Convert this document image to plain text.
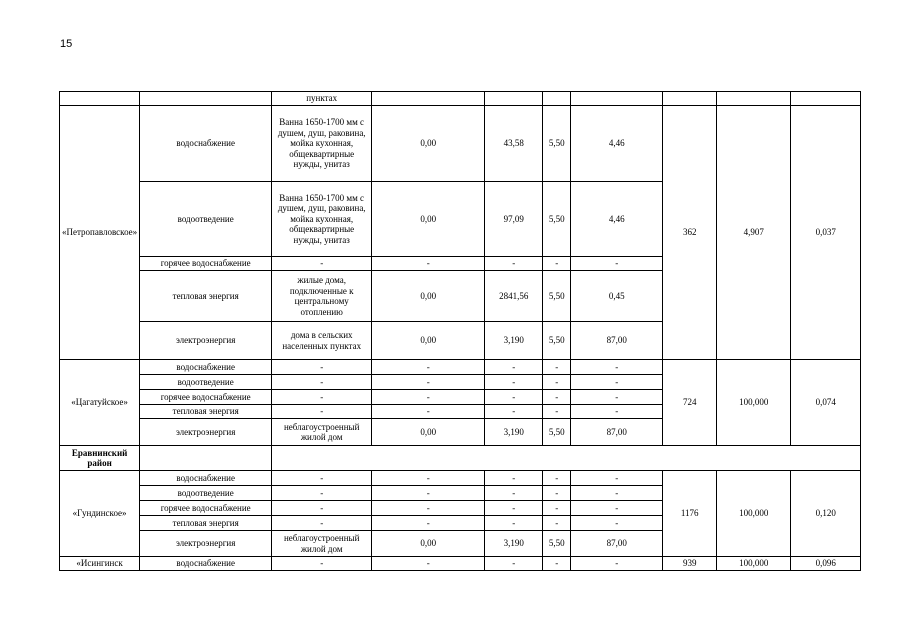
15
		пунктах							
«Петропавловское»	водоснабжение	Ванна 1650-1700 мм с душем, душ, раковина, мойка кухонная, общеквартирные нужды, унитаз	0,00	43,58	5,50	4,46	362	4,907	0,037
	водоотведение	Ванна 1650-1700 мм с душем, душ, раковина, мойка кухонная, общеквартирные нужды, унитаз	0,00	97,09	5,50	4,46			
	горячее водоснабжение	-	-	-	-	-			
	тепловая энергия	жилые дома, подключенные к центральному отоплению	0,00	2841,56	5,50	0,45			
	электроэнергия	дома в сельских населенных пунктах	0,00	3,190	5,50	87,00			
«Цагатуйское»	водоснабжение	-	-	-	-	-	724	100,000	0,074
	водоотведение	-	-	-	-	-			
	горячее водоснабжение	-	-	-	-	-			
	тепловая энергия	-	-	-	-	-			
	электроэнергия	неблагоустроенный жилой дом	0,00	3,190	5,50	87,00			
Еравнинский район									
«Гундинское»	водоснабжение	-	-	-	-	-	1176	100,000	0,120
	водоотведение	-	-	-	-	-			
	горячее водоснабжение	-	-	-	-	-			
	тепловая энергия	-	-	-	-	-			
	электроэнергия	неблагоустроенный жилой дом	0,00	3,190	5,50	87,00			
«Исингинск	водоснабжение	-	-	-	-	-	939	100,000	0,096
